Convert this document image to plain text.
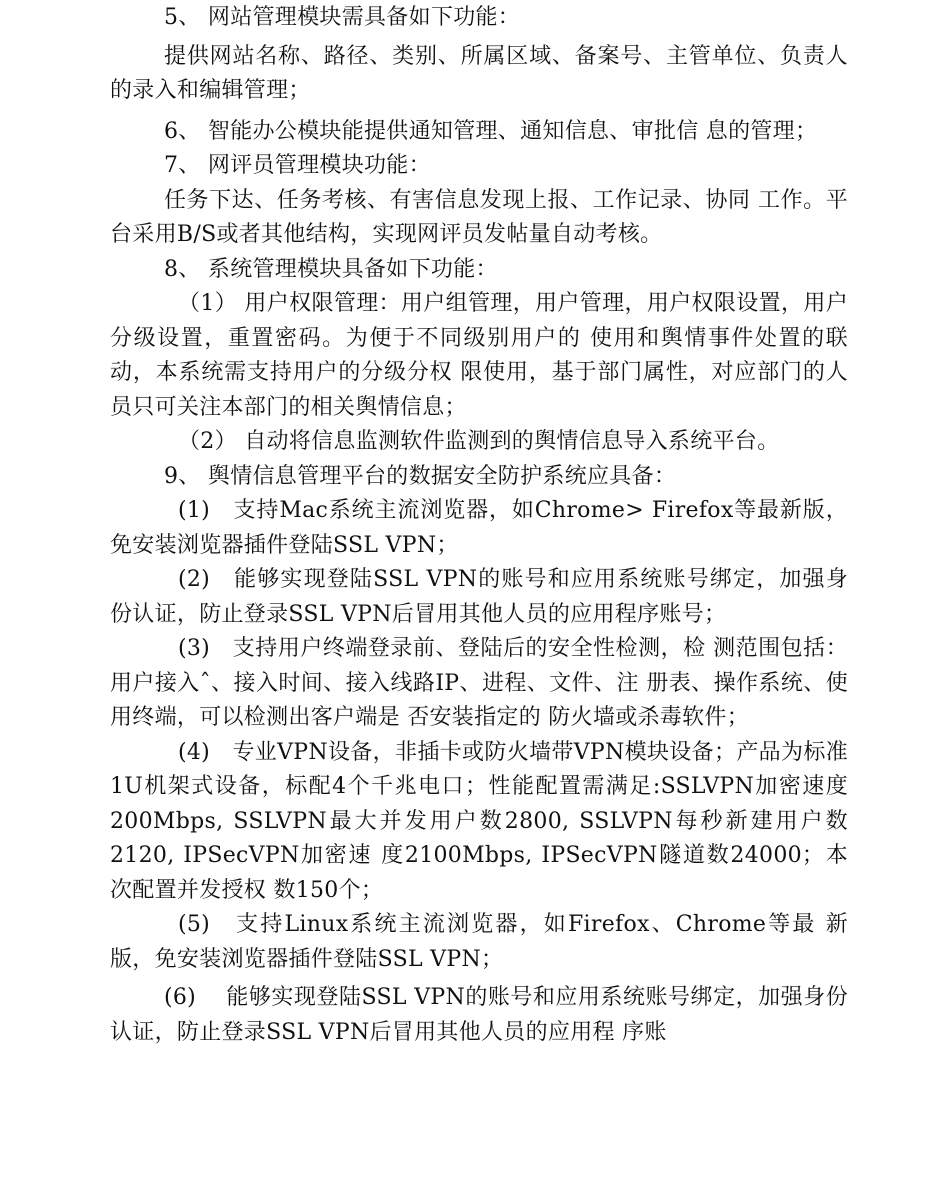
5、 网站管理模块需具备如下功能：

提供网站名称、路径、类别、所属区域、备案号、主管单位、负责人的录入和编辑管理；

6、 智能办公模块能提供通知管理、通知信息、审批信 息的管理；

7、 网评员管理模块功能：

任务下达、任务考核、有害信息发现上报、工作记录、协同 工作。平台采用B/S或者其他结构，实现网评员发帖量自动考核。

8、 系统管理模块具备如下功能：

（1） 用户权限管理：用户组管理，用户管理，用户权限设置，用户分级设置，重置密码。为便于不同级别用户的 使用和舆情事件处置的联动，本系统需支持用户的分级分权 限使用，基于部门属性，对应部门的人员只可关注本部门的相关舆情信息；

（2） 自动将信息监测软件监测到的舆情信息导入系统平台。

9、 舆情信息管理平台的数据安全防护系统应具备：

(1)　支持Mac系统主流浏览器，如Chrome> Firefox等最新版，免安装浏览器插件登陆SSL VPN；

(2)　能够实现登陆SSL VPN的账号和应用系统账号绑定，加强身份认证，防止登录SSL VPN后冒用其他人员的应用程序账号；

(3)　支持用户终端登录前、登陆后的安全性检测，检 测范围包括：用户接入ˆ、接入时间、接入线路IP、进程、文件、注 册表、操作系统、使用终端，可以检测出客户端是 否安装指定的 防火墙或杀毒软件；

(4)　专业VPN设备，非插卡或防火墙带VPN模块设备；产品为标准1U机架式设备，标配4个千兆电口；性能配置需满足:SSLVPN加密速度200Mbps, SSLVPN最大并发用户数2800, SSLVPN每秒新建用户数2120, IPSecVPN加密速 度2100Mbps, IPSecVPN隧道数24000；本次配置并发授权 数150个；

(5)　支持Linux系统主流浏览器，如Firefox、Chrome等最 新版，免安装浏览器插件登陆SSL VPN；

(6)　 能够实现登陆SSL VPN的账号和应用系统账号绑定，加强身份认证，防止登录SSL VPN后冒用其他人员的应用程 序账
